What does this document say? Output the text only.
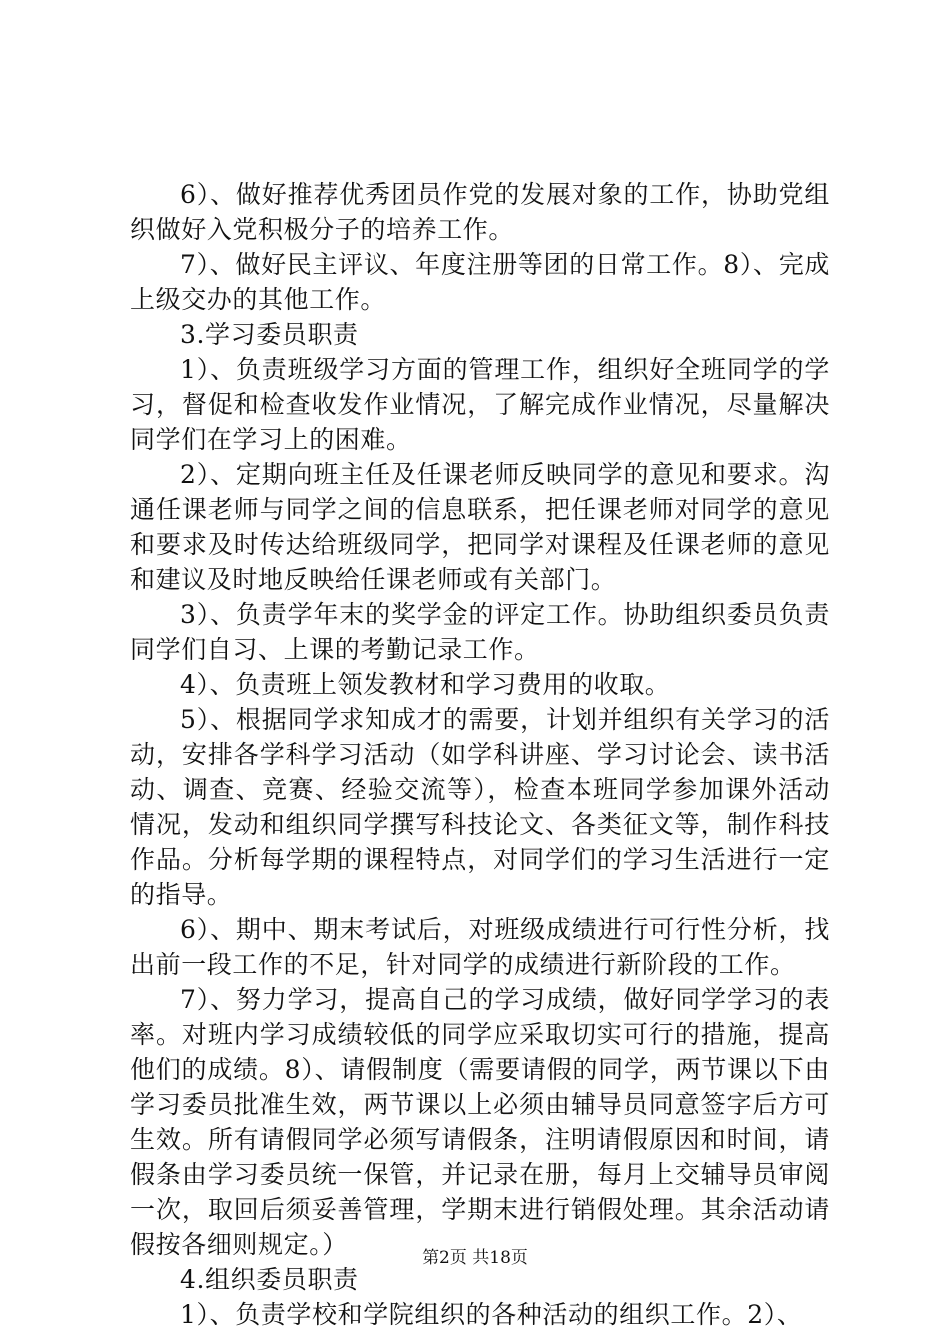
6）、做好推荐优秀团员作党的发展对象的工作，协助党组织做好入党积极分子的培养工作。

7）、做好民主评议、年度注册等团的日常工作。8）、完成上级交办的其他工作。

3.学习委员职责

1）、负责班级学习方面的管理工作，组织好全班同学的学习，督促和检查收发作业情况，了解完成作业情况，尽量解决同学们在学习上的困难。

2）、定期向班主任及任课老师反映同学的意见和要求。沟通任课老师与同学之间的信息联系，把任课老师对同学的意见和要求及时传达给班级同学，把同学对课程及任课老师的意见和建议及时地反映给任课老师或有关部门。

3）、负责学年末的奖学金的评定工作。协助组织委员负责同学们自习、上课的考勤记录工作。

4）、负责班上领发教材和学习费用的收取。

5）、根据同学求知成才的需要，计划并组织有关学习的活动，安排各学科学习活动（如学科讲座、学习讨论会、读书活动、调查、竞赛、经验交流等），检查本班同学参加课外活动情况，发动和组织同学撰写科技论文、各类征文等，制作科技作品。分析每学期的课程特点，对同学们的学习生活进行一定的指导。

6）、期中、期末考试后，对班级成绩进行可行性分析，找出前一段工作的不足，针对同学的成绩进行新阶段的工作。

7）、努力学习，提高自己的学习成绩，做好同学学习的表率。对班内学习成绩较低的同学应采取切实可行的措施，提高他们的成绩。8）、请假制度（需要请假的同学，两节课以下由学习委员批准生效，两节课以上必须由辅导员同意签字后方可生效。所有请假同学必须写请假条，注明请假原因和时间，请假条由学习委员统一保管，并记录在册，每月上交辅导员审阅一次，取回后须妥善管理，学期末进行销假处理。其余活动请假按各细则规定。）

4.组织委员职责

1）、负责学校和学院组织的各种活动的组织工作。2）、

第2页 共18页
